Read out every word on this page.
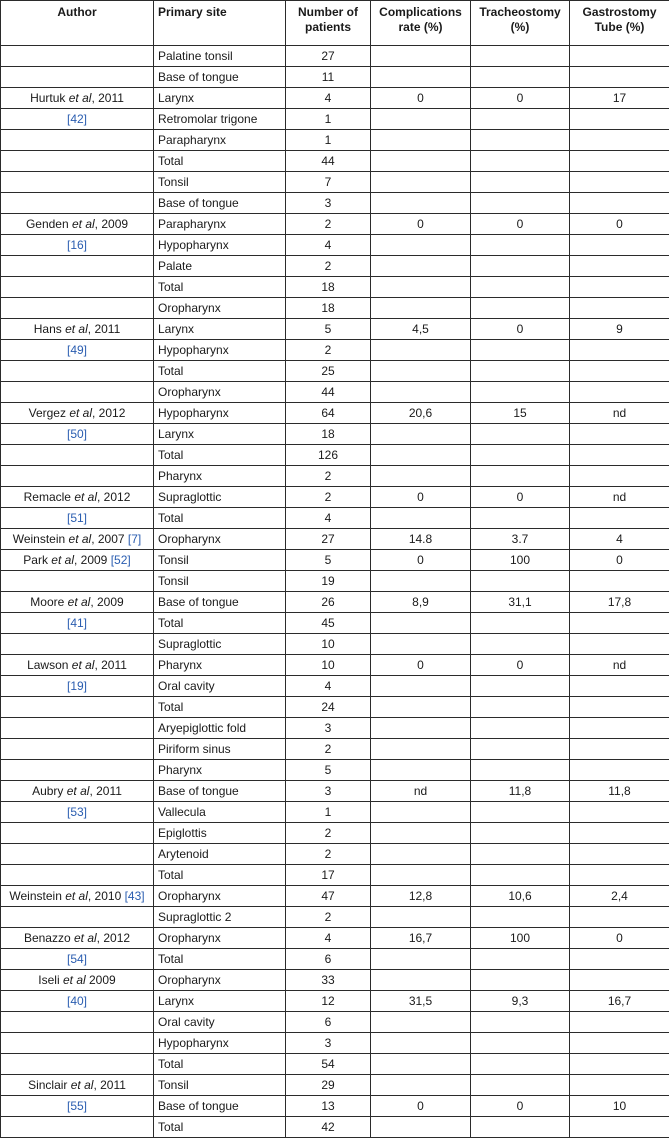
Author	Primary site	Number of patients	Complications rate (%)	Tracheostomy (%)	Gastrostomy Tube (%)
	Palatine tonsil	27			
	Base of tongue	11			
Hurtuk et al, 2011	Larynx	4	0	0	17
[42]	Retromolar trigone	1			
	Parapharynx	1			
	Total	44			
	Tonsil	7			
	Base of tongue	3			
Genden et al, 2009	Parapharynx	2	0	0	0
[16]	Hypopharynx	4			
	Palate	2			
	Total	18			
	Oropharynx	18			
Hans et al, 2011	Larynx	5	4,5	0	9
[49]	Hypopharynx	2			
	Total	25			
	Oropharynx	44			
Vergez et al, 2012	Hypopharynx	64	20,6	15	nd
[50]	Larynx	18			
	Total	126			
	Pharynx	2			
Remacle et al, 2012	Supraglottic	2	0	0	nd
[51]	Total	4			
Weinstein et al, 2007 [7]	Oropharynx	27	14.8	3.7	4
Park et al, 2009 [52]	Tonsil	5	0	100	0
	Tonsil	19			
Moore et al, 2009	Base of tongue	26	8,9	31,1	17,8
[41]	Total	45			
	Supraglottic	10			
Lawson et al, 2011	Pharynx	10	0	0	nd
[19]	Oral cavity	4			
	Total	24			
	Aryepiglottic fold	3			
	Piriform sinus	2			
	Pharynx	5			
Aubry et al, 2011	Base of tongue	3	nd	11,8	11,8
[53]	Vallecula	1			
	Epiglottis	2			
	Arytenoid	2			
	Total	17			
Weinstein et al, 2010 [43]	Oropharynx	47	12,8	10,6	2,4
	Supraglottic 2	2			
Benazzo et al, 2012	Oropharynx	4	16,7	100	0
[54]	Total	6			
Iseli et al 2009	Oropharynx	33			
[40]	Larynx	12	31,5	9,3	16,7
	Oral cavity	6			
	Hypopharynx	3			
	Total	54			
Sinclair et al, 2011	Tonsil	29			
[55]	Base of tongue	13	0	0	10
	Total	42			
